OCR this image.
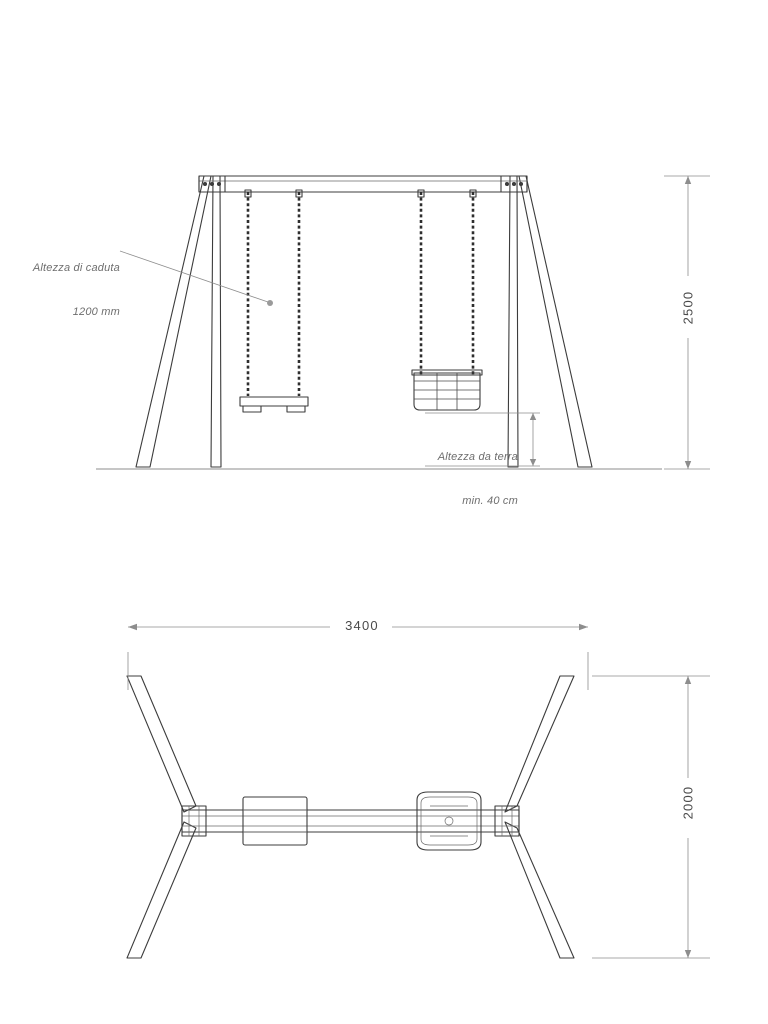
Altezza di caduta

1200 mm

Altezza da terra

min. 40 cm

2500
3400
2000
